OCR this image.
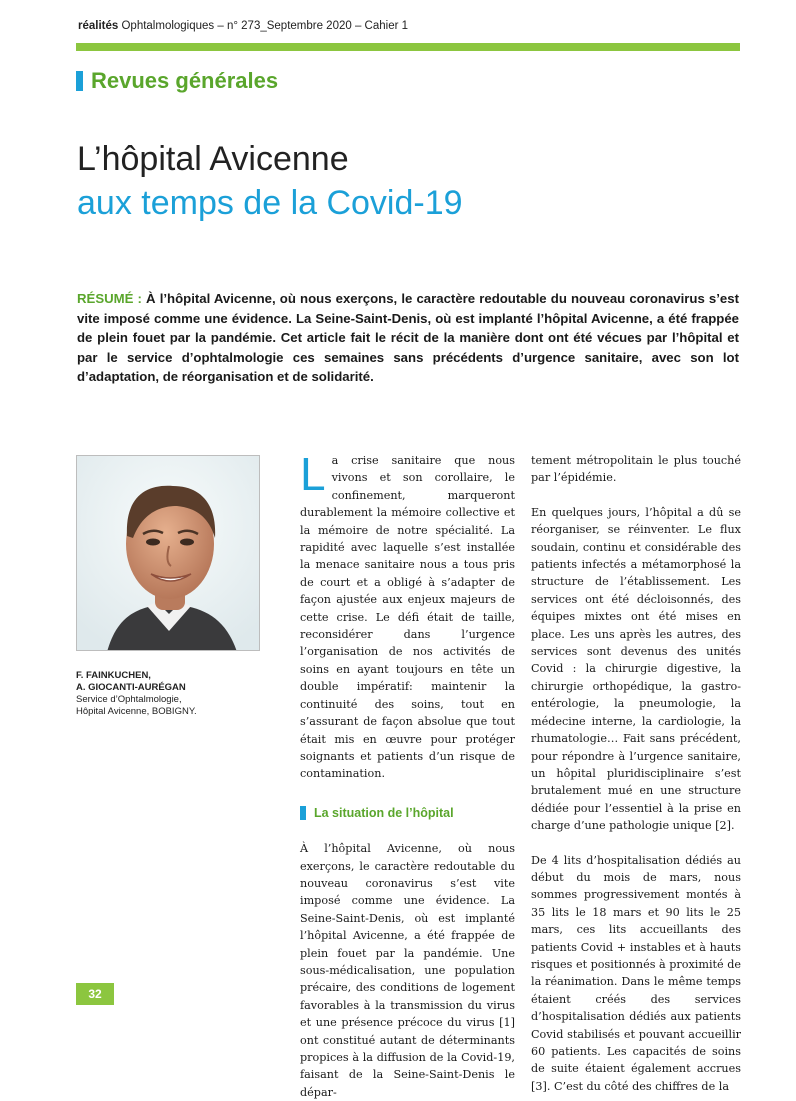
réalités Ophtalmologiques – n° 273_Septembre 2020 – Cahier 1
Revues générales
L’hôpital Avicenne
aux temps de la Covid-19
RÉSUMÉ : À l’hôpital Avicenne, où nous exerçons, le caractère redoutable du nouveau coronavirus s’est vite imposé comme une évidence. La Seine-Saint-Denis, où est implanté l’hôpital Avicenne, a été frappée de plein fouet par la pandémie. Cet article fait le récit de la manière dont ont été vécues par l’hôpital et par le service d’ophtalmologie ces semaines sans précédents d’urgence sanitaire, avec son lot d’adaptation, de réorganisation et de solidarité.
F. FAINKUCHEN,
A. GIOCANTI-AURÉGAN
Service d’Ophtalmologie,
Hôpital Avicenne, BOBIGNY.

La crise sanitaire que nous vivons et son corollaire, le confinement, marqueront durablement la mémoire collective et la mémoire de notre spécialité. La rapidité avec laquelle s’est installée la menace sanitaire nous a tous pris de court et a obligé à s’adapter de façon ajustée aux enjeux majeurs de cette crise. Le défi était de taille, reconsidérer dans l’urgence l’organisation de nos activités de soins en ayant toujours en tête un double impératif: maintenir la continuité des soins, tout en s’assurant de façon absolue que tout était mis en œuvre pour protéger soignants et patients d’un risque de contamination.

La situation de l’hôpital

À l’hôpital Avicenne, où nous exerçons, le caractère redoutable du nouveau coronavirus s’est vite imposé comme une évidence. La Seine-Saint-Denis, où est implanté l’hôpital Avicenne, a été frappée de plein fouet par la pandémie. Une sous-médicalisation, une population précaire, des conditions de logement favorables à la transmission du virus et une présence précoce du virus [1] ont constitué autant de déterminants propices à la diffusion de la Covid-19, faisant de la Seine-Saint-Denis le dépar-

tement métropolitain le plus touché par l’épidémie.

En quelques jours, l’hôpital a dû se réorganiser, se réinventer. Le flux soudain, continu et considérable des patients infectés a métamorphosé la structure de l’établissement. Les services ont été décloisonnés, des équipes mixtes ont été mises en place. Les uns après les autres, des services sont devenus des unités Covid : la chirurgie digestive, la chirurgie orthopédique, la gastro-entérologie, la pneumologie, la médecine interne, la cardiologie, la rhumatologie… Fait sans précédent, pour répondre à l’urgence sanitaire, un hôpital pluridisciplinaire s’est brutalement mué en une structure dédiée pour l’essentiel à la prise en charge d’une pathologie unique [2].

De 4 lits d’hospitalisation dédiés au début du mois de mars, nous sommes progressivement montés à 35 lits le 18 mars et 90 lits le 25 mars, ces lits accueillants des patients Covid + instables et à hauts risques et positionnés à proximité de la réanimation. Dans le même temps étaient créés des services d’hospitalisation dédiés aux patients Covid stabilisés et pouvant accueillir 60 patients. Les capacités de soins de suite étaient également accrues [3]. C’est du côté des chiffres de la

32
